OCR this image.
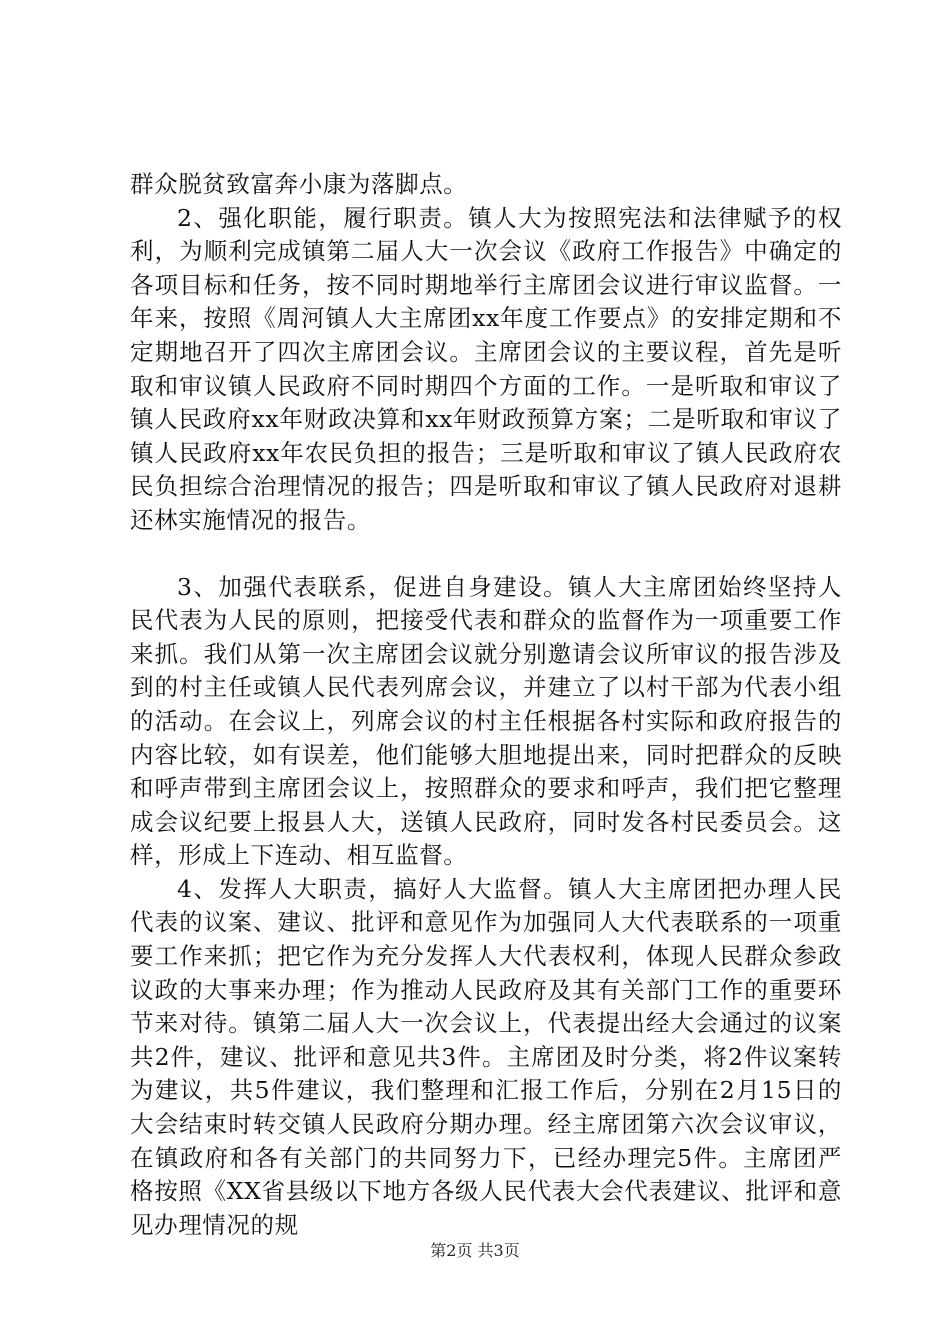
群众脱贫致富奔小康为落脚点。

2、强化职能，履行职责。镇人大为按照宪法和法律赋予的权利，为顺利完成镇第二届人大一次会议《政府工作报告》中确定的各项目标和任务，按不同时期地举行主席团会议进行审议监督。一年来，按照《周河镇人大主席团xx年度工作要点》的安排定期和不定期地召开了四次主席团会议。主席团会议的主要议程，首先是听取和审议镇人民政府不同时期四个方面的工作。一是听取和审议了镇人民政府xx年财政决算和xx年财政预算方案；二是听取和审议了镇人民政府xx年农民负担的报告；三是听取和审议了镇人民政府农民负担综合治理情况的报告；四是听取和审议了镇人民政府对退耕还林实施情况的报告。

3、加强代表联系，促进自身建设。镇人大主席团始终坚持人民代表为人民的原则，把接受代表和群众的监督作为一项重要工作来抓。我们从第一次主席团会议就分别邀请会议所审议的报告涉及到的村主任或镇人民代表列席会议，并建立了以村干部为代表小组的活动。在会议上，列席会议的村主任根据各村实际和政府报告的内容比较，如有误差，他们能够大胆地提出来，同时把群众的反映和呼声带到主席团会议上，按照群众的要求和呼声，我们把它整理成会议纪要上报县人大，送镇人民政府，同时发各村民委员会。这样，形成上下连动、相互监督。

4、发挥人大职责，搞好人大监督。镇人大主席团把办理人民代表的议案、建议、批评和意见作为加强同人大代表联系的一项重要工作来抓；把它作为充分发挥人大代表权利，体现人民群众参政议政的大事来办理；作为推动人民政府及其有关部门工作的重要环节来对待。镇第二届人大一次会议上，代表提出经大会通过的议案共2件，建议、批评和意见共3件。主席团及时分类，将2件议案转为建议，共5件建议，我们整理和汇报工作后，分别在2月15日的大会结束时转交镇人民政府分期办理。经主席团第六次会议审议，在镇政府和各有关部门的共同努力下，已经办理完5件。主席团严格按照《XX省县级以下地方各级人民代表大会代表建议、批评和意见办理情况的规

第2页 共3页
